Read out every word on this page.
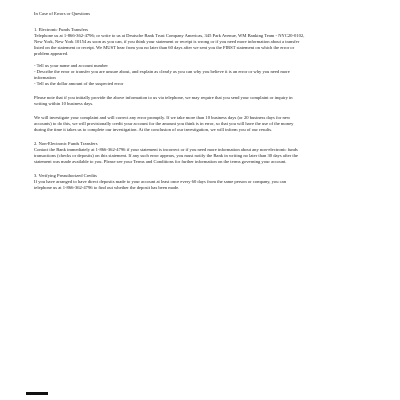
In Case of Errors or Questions
1. Electronic Funds Transfers

Telephone us at 1-866-362-4796; or write to us at Deutsche Bank Trust Company Americas, 345 Park Avenue, WM Banking Team - NYC20-0102, New York, New York 10154 as soon as you can, if you think your statement or receipt is wrong or if you need more information about a transfer listed on the statement or receipt. We MUST hear from you no later than 60 days after we sent you the FIRST statement on which the error or problem appeared.

- Tell us your name and account number
- Describe the error or transfer you are unsure about, and explain as clearly as you can why you believe it is an error or why you need more information
- Tell us the dollar amount of the suspected error

Please note that if you initially provide the above information to us via telephone, we may require that you send your complaint or inquiry in writing within 10 business days.

We will investigate your complaint and will correct any error promptly. If we take more than 10 business days (or 20 business days for new accounts) to do this, we will provisionally credit your account for the amount you think is in error, so that you will have the use of the money during the time it takes us to complete our investigation. At the conclusion of our investigation, we will inform you of our results.

2. Non-Electronic Funds Transfers

Contact the Bank immediately at 1-866-362-4796 if your statement is incorrect or if you need more information about any non-electronic funds transactions (checks or deposits) on this statement. If any such error appears, you must notify the Bank in writing no later than 30 days after the statement was made available to you. Please see your Terms and Conditions for further information on the terms governing your account.

3. Verifying Preauthorized Credits

If you have arranged to have direct deposits made to your account at least once every 60 days from the same person or company, you can telephone us at 1-866-362-4796 to find out whether the deposit has been made.
